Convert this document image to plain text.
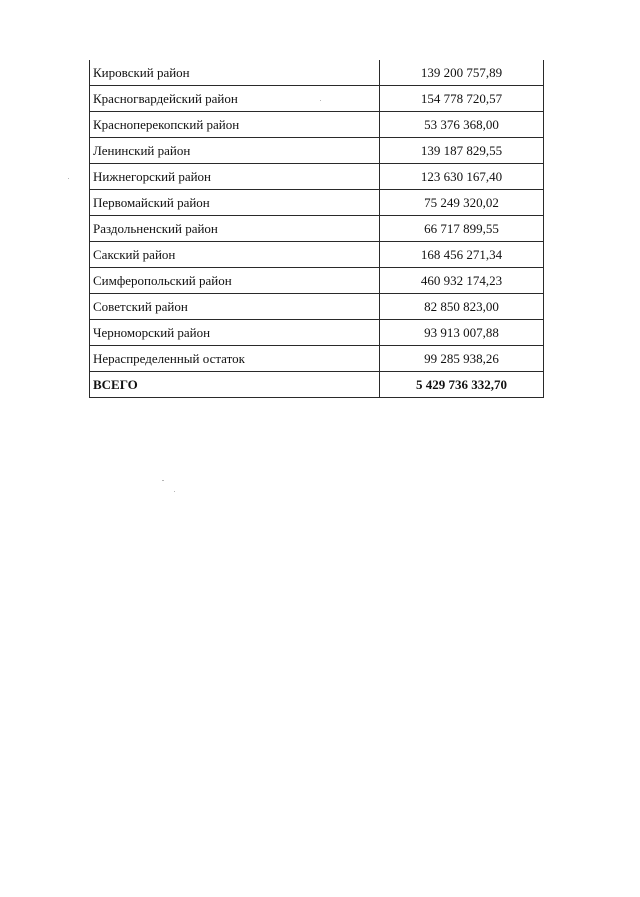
Кировский район	139 200 757,89
Красногвардейский район	154 778 720,57
Красноперекопский район	53 376 368,00
Ленинский район	139 187 829,55
Нижнегорский район	123 630 167,40
Первомайский район	75 249 320,02
Раздольненский район	66 717 899,55
Сакский район	168 456 271,34
Симферопольский район	460 932 174,23
Советский район	82 850 823,00
Черноморский район	93 913 007,88
Нераспределенный остаток	99 285 938,26
ВСЕГО	5 429 736 332,70
